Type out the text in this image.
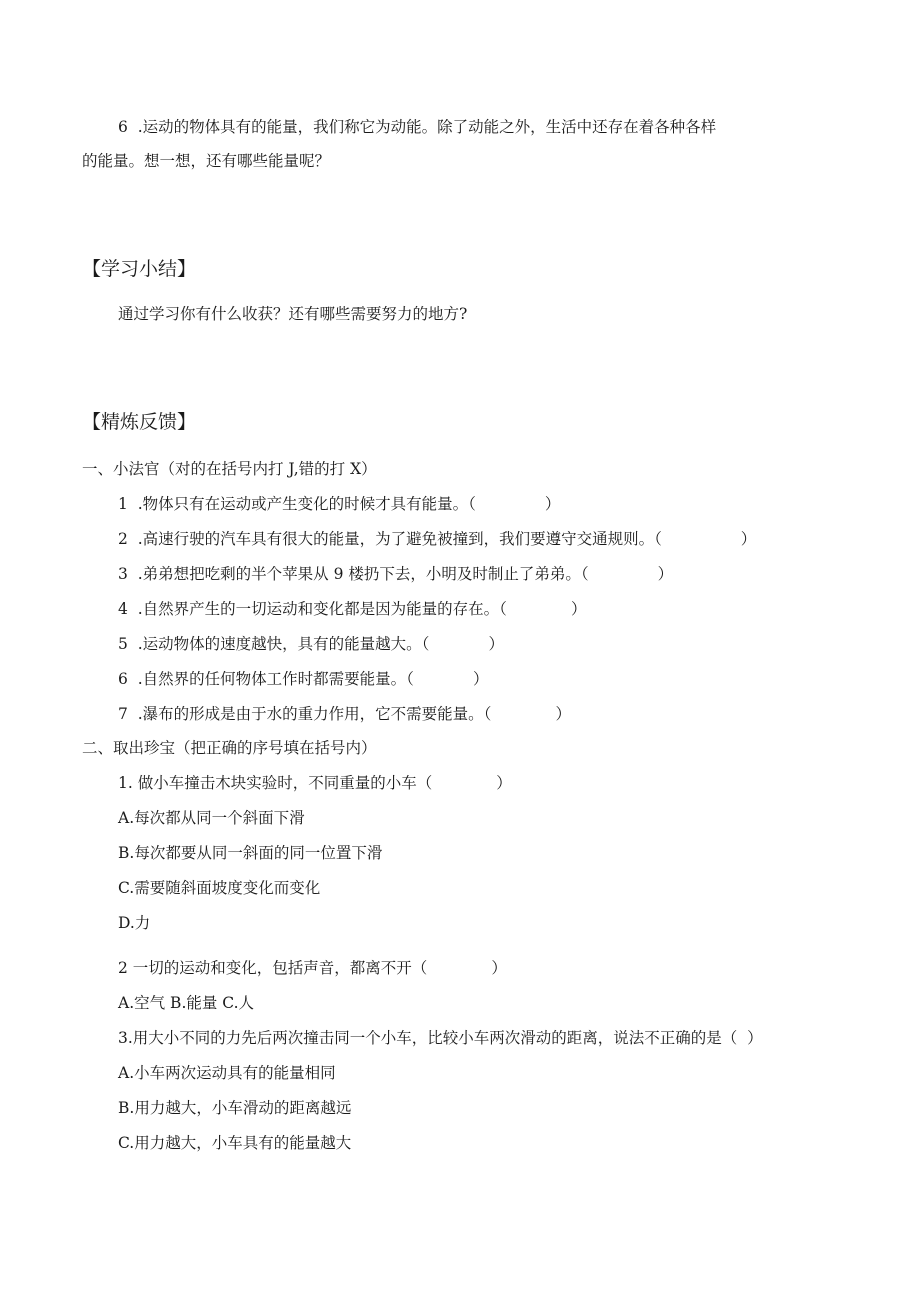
6  .运动的物体具有的能量，我们称它为动能。除了动能之外，生活中还存在着各种各样
的能量。想一想，还有哪些能量呢？
【学习小结】
通过学习你有什么收获？还有哪些需要努力的地方?
【精炼反馈】
一、小法官（对的在括号内打 J,错的打 X）
1  .物体只有在运动或产生变化的时候才具有能量。（              ）
2  .高速行驶的汽车具有很大的能量，为了避免被撞到，我们要遵守交通规则。（                ）
3  .弟弟想把吃剩的半个苹果从 9 楼扔下去，小明及时制止了弟弟。（              ）
4  .自然界产生的一切运动和变化都是因为能量的存在。（             ）
5  .运动物体的速度越快，具有的能量越大。（            ）
6  .自然界的任何物体工作时都需要能量。（            ）
7  .瀑布的形成是由于水的重力作用，它不需要能量。（             ）
二、取出珍宝（把正确的序号填在括号内）
1. 做小车撞击木块实验时，不同重量的小车（             ）
A.每次都从同一个斜面下滑
B.每次都要从同一斜面的同一位置下滑
C.需要随斜面坡度变化而变化
D.力
2 一切的运动和变化，包括声音，都离不开（             ）
A.空气 B.能量 C.人
3.用大小不同的力先后两次撞击同一个小车，比较小车两次滑动的距离，说法不正确的是（  ）
A.小车两次运动具有的能量相同
B.用力越大，小车滑动的距离越远
C.用力越大，小车具有的能量越大
